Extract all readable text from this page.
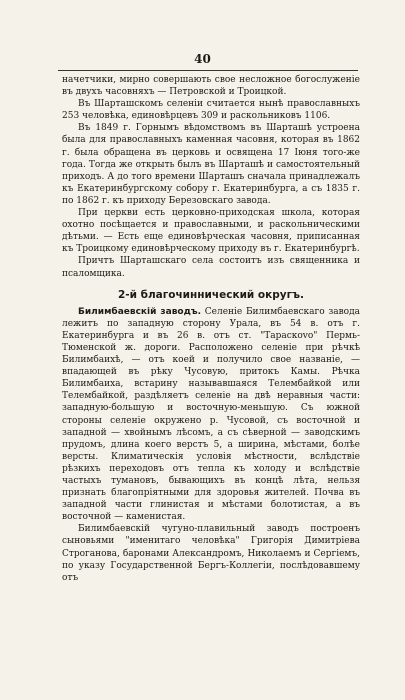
40

начетчики, мирно совершають свое несложное богослуженіе въ двухъ часовняхъ — Петровской и Троицкой.

Въ Шарташскомъ селеніи считается нынѣ православныхъ 253 человѣка, единовѣрцевъ 309 и раскольниковъ 1106.

Въ 1849 г. Горнымъ вѣдомствомъ въ Шарташѣ устроена была для православныхъ каменная часовня, которая въ 1862 г. была обращена въ церковь и освящена 17 Іюня того-же года. Тогда же открыть былъ въ Шарташѣ и самостоятельный приходъ. А до того времени Шарташъ сначала принадлежалъ къ Екатеринбургскому собору г. Екатеринбурга, а съ 1835 г. по 1862 г. къ приходу Березовскаго завода.

При церкви есть церковно-приходская школа, которая охотно посѣщается и православными, и раскольническими дѣтьми. — Есть еще единовѣрческая часовня, приписанная къ Троицкому единовѣрческому приходу въ г. Екатеринбургѣ.

Причтъ Шарташскаго села состоитъ изъ священника и псаломщика.

2-й благочиннический округъ.

Билимбаевскій заводъ. Селеніе Билимбаевскаго завода лежитъ по западную сторону Урала, въ 54 в. отъ г. Екатеринбурга и въ 26 в. отъ ст. "Тараскоvо" Пермь-Тюменской ж. дороги. Расположено селеніе при рѣчкѣ Билимбаихѣ, — отъ коей и получило свое названіе, — впадающей въ рѣку Чусовую, притокъ Камы. Рѣчка Билимбаиха, встарину называвшаяся Телембайкой или Телембайкой, раздѣляетъ селеніе на двѣ неравныя части: западную-большую и восточную-меньшую. Съ южной стороны селеніе окружено р. Чусовой, съ восточной и западной — хвойнымъ лѣсомъ, а съ сѣверной — заводскимъ прудомъ, длина коего верстъ 5, а ширина, мѣстами, болѣе версты. Климатическія условія мѣстности, вслѣдствіе рѣзкихъ переходовъ отъ тепла къ холоду и вслѣдствіе частыхъ тумановъ, бывающихъ въ концѣ лѣта, нельзя признать благопріятными для здоровья жителей. Почва въ западной части глинистая и мѣстами болотистая, а въ восточной — каменистая.

Билимбаевскій чугуно-плавильный заводъ построенъ сыновьями "именитаго человѣка" Григорія Димитріева Строганова, баронами Александромъ, Николаемъ и Сергіемъ, по указу Государственной Бергъ-Коллегіи, послѣдовавшему отъ
